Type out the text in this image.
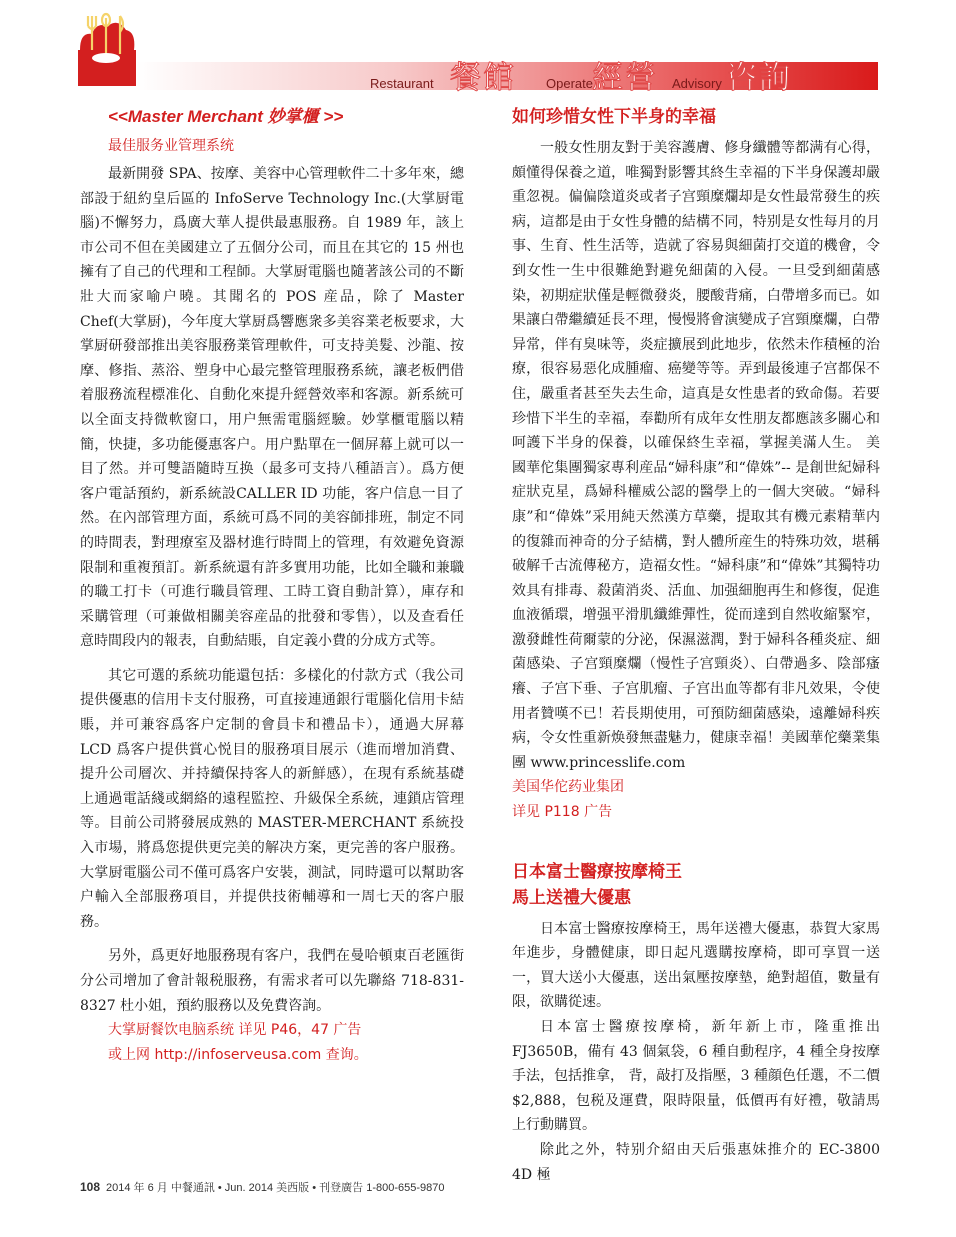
Restaurant 餐館 Operate 經營 Advisory 咨詢

<<Master Merchant 妙掌櫃 >>

最佳服务业管理系统

最新開發 SPA、按摩、美容中心管理軟件二十多年來，總部設于紐約皇后區的 InfoServe Technology Inc.(大掌厨電腦)不懈努力，爲廣大華人提供最惠服務。自 1989 年，該上市公司不但在美國建立了五個分公司，而且在其它的 15 州也擁有了自己的代理和工程師。大掌厨電腦也隨著該公司的不斷壯大而家喻户曉。其聞名的 POS 産品，除了 Master Chef(大掌厨)，今年度大掌厨爲響應衆多美容業老板要求，大掌厨研發部推出美容服務業管理軟件，可支持美髮、沙龍、按摩、修指、蒸浴、塑身中心最完整管理服務系統，讓老板們借着服務流程標准化、自動化來提升經營效率和客源。新系統可以全面支持微軟窗口，用户無需電腦經驗。妙掌櫃電腦以精簡，快捷，多功能優惠客户。用户點單在一個屏幕上就可以一目了然。并可雙語隨時互换（最多可支持八種語言）。爲方便客户電話預約，新系統設CALLER ID 功能，客户信息一目了然。在內部管理方面，系統可爲不同的美容師排班，制定不同的時間表，對理療室及器材進行時間上的管理，有效避免資源限制和重複預訂。新系統還有許多實用功能，比如全職和兼職的職工打卡（可進行職員管理、工時工資自動計算），庫存和采購管理（可兼做相關美容産品的批發和零售），以及查看任意時間段内的報表，自動結賬，自定義小費的分成方式等。

其它可選的系統功能還包括：多樣化的付款方式（我公司提供優惠的信用卡支付服務，可直接連通銀行電腦化信用卡結賬，并可兼容爲客户定制的會員卡和禮品卡），通過大屏幕 LCD 爲客户提供賞心悦目的服務項目展示（進而增加消費、提升公司層次、并持續保持客人的新鮮感），在現有系統基礎上通過電話綫或網絡的遠程監控、升級保全系統，連鎖店管理等。目前公司將發展成熟的 MASTER-MERCHANT 系統投入市場，將爲您提供更完美的解决方案，更完善的客户服務。大掌厨電腦公司不僅可爲客户安裝，測試，同時還可以幫助客户輸入全部服務項目，并提供技術輔導和一周七天的客户服務。

另外，爲更好地服務現有客户，我們在曼哈頓東百老匯街分公司增加了會計報税服務，有需求者可以先聯絡 718-831-8327 杜小姐，預約服務以及免費咨詢。

大掌厨餐饮电脑系统 详见 P46，47 广告

或上网 http://infoserveusa.com 查询。

如何珍惜女性下半身的幸福

一般女性朋友對于美容護膚、修身纖體等都满有心得，頗懂得保養之道，唯獨對影響其終生幸福的下半身保護却嚴重忽視。偏偏陰道炎或者子宫頸糜爛却是女性最常發生的疾病，這都是由于女性身體的結構不同，特别是女性每月的月事、生育、性生活等，造就了容易與細菌打交道的機會，令到女性一生中很難絶對避免細菌的入侵。一旦受到細菌感染，初期症狀僅是輕微發炎，腰酸背痛，白帶增多而已。如果讓白帶繼續延長不理，慢慢將會演變成子宫頸糜爛，白帶异常，伴有臭味等，炎症擴展到此地步，依然未作積極的治療，很容易惡化成腫瘤、癌變等等。弄到最後連子宫都保不住，嚴重者甚至失去生命，這真是女性患者的致命傷。若要珍惜下半生的幸福，奉勸所有成年女性朋友都應該多關心和呵護下半身的保養，以確保終生幸福，掌握美滿人生。 美國華佗集團獨家專利産品“婦科康”和“偉姝”-- 是創世紀婦科症狀克星，爲婦科權威公認的醫學上的一個大突破。“婦科康”和“偉姝”采用純天然漢方草藥，提取其有機元素精華内的復雜而神奇的分子結構，對人體所産生的特殊功效，堪稱破解千古流傳秘方，造福女性。“婦科康”和“偉姝”其獨特功效具有排毒、殺菌消炎、活血、加强細胞再生和修復，促進血液循環，增强平滑肌纖維彈性，從而達到自然收縮緊窄，激發雌性荷爾蒙的分泌，保濕滋潤，對于婦科各種炎症、細菌感染、子宫頸糜爛（慢性子宫頸炎）、白帶過多、陰部瘙癢、子宫下垂、子宫肌瘤、子宫出血等都有非凡效果，令使用者贊嘆不已！若長期使用，可預防細菌感染，遠離婦科疾病，令女性重新焕發無盡魅力，健康幸福！美國華佗藥業集團 www.princesslife.com

美国华佗药业集团

详见 P118 广告

日本富士醫療按摩椅王

馬上送禮大優惠

日本富士醫療按摩椅王，馬年送禮大優惠，恭賀大家馬年進步，身體健康，即日起凡選購按摩椅，即可享買一送一，買大送小大優惠，送出氣壓按摩墊，絶對超值，數量有限，欲購從速。

日本富士醫療按摩椅，新年新上市，隆重推出 FJ3650B，備有 43 個氣袋，6 種自動程序，4 種全身按摩手法，包括推拿， 背，敲打及指壓，3 種顔色任選，不二價 $2,888，包税及運費，限時限量，低價再有好禮，敬請馬上行動購買。

除此之外，特别介紹由天后張惠妹推介的 EC-3800 4D 極

108 2014 年 6 月 中餐通訊 • Jun. 2014 美西版 • 刊登廣告 1-800-655-9870
